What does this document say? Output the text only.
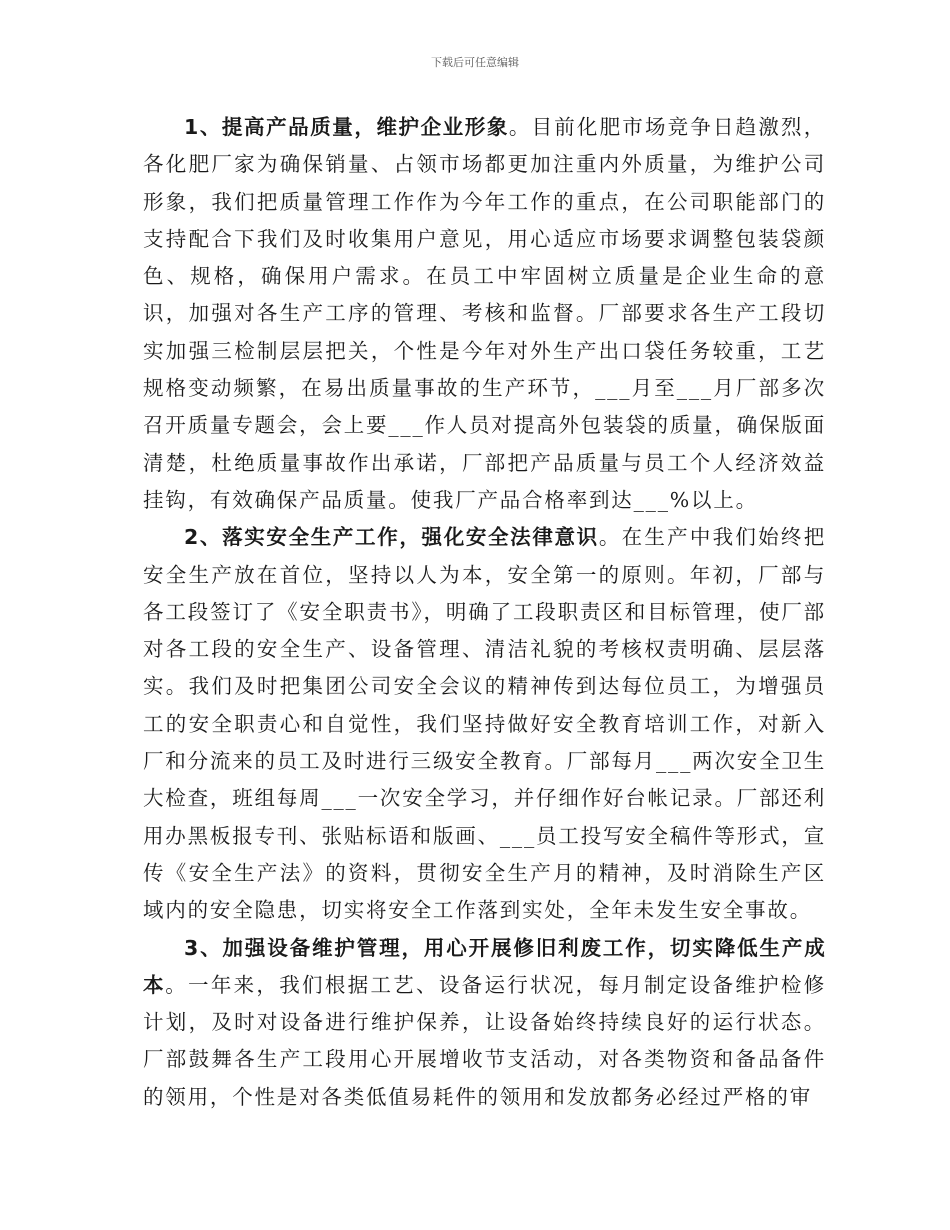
下载后可任意编辑

1、提高产品质量，维护企业形象。目前化肥市场竞争日趋激烈，各化肥厂家为确保销量、占领市场都更加注重内外质量，为维护公司形象，我们把质量管理工作作为今年工作的重点，在公司职能部门的支持配合下我们及时收集用户意见，用心适应市场要求调整包装袋颜色、规格，确保用户需求。在员工中牢固树立质量是企业生命的意识，加强对各生产工序的管理、考核和监督。厂部要求各生产工段切实加强三检制层层把关，个性是今年对外生产出口袋任务较重，工艺规格变动频繁，在易出质量事故的生产环节，___月至___月厂部多次召开质量专题会，会上要___作人员对提高外包装袋的质量，确保版面清楚，杜绝质量事故作出承诺，厂部把产品质量与员工个人经济效益挂钩，有效确保产品质量。使我厂产品合格率到达___%以上。

2、落实安全生产工作，强化安全法律意识。在生产中我们始终把安全生产放在首位，坚持以人为本，安全第一的原则。年初，厂部与各工段签订了《安全职责书》，明确了工段职责区和目标管理，使厂部对各工段的安全生产、设备管理、清洁礼貌的考核权责明确、层层落实。我们及时把集团公司安全会议的精神传到达每位员工，为增强员工的安全职责心和自觉性，我们坚持做好安全教育培训工作，对新入厂和分流来的员工及时进行三级安全教育。厂部每月___两次安全卫生大检查，班组每周___一次安全学习，并仔细作好台帐记录。厂部还利用办黑板报专刊、张贴标语和版画、___员工投写安全稿件等形式，宣传《安全生产法》的资料，贯彻安全生产月的精神，及时消除生产区域内的安全隐患，切实将安全工作落到实处，全年未发生安全事故。

3、加强设备维护管理，用心开展修旧利废工作，切实降低生产成本。一年来，我们根据工艺、设备运行状况，每月制定设备维护检修计划，及时对设备进行维护保养，让设备始终持续良好的运行状态。厂部鼓舞各生产工段用心开展增收节支活动，对各类物资和备品备件的领用，个性是对各类低值易耗件的领用和发放都务必经过严格的审
